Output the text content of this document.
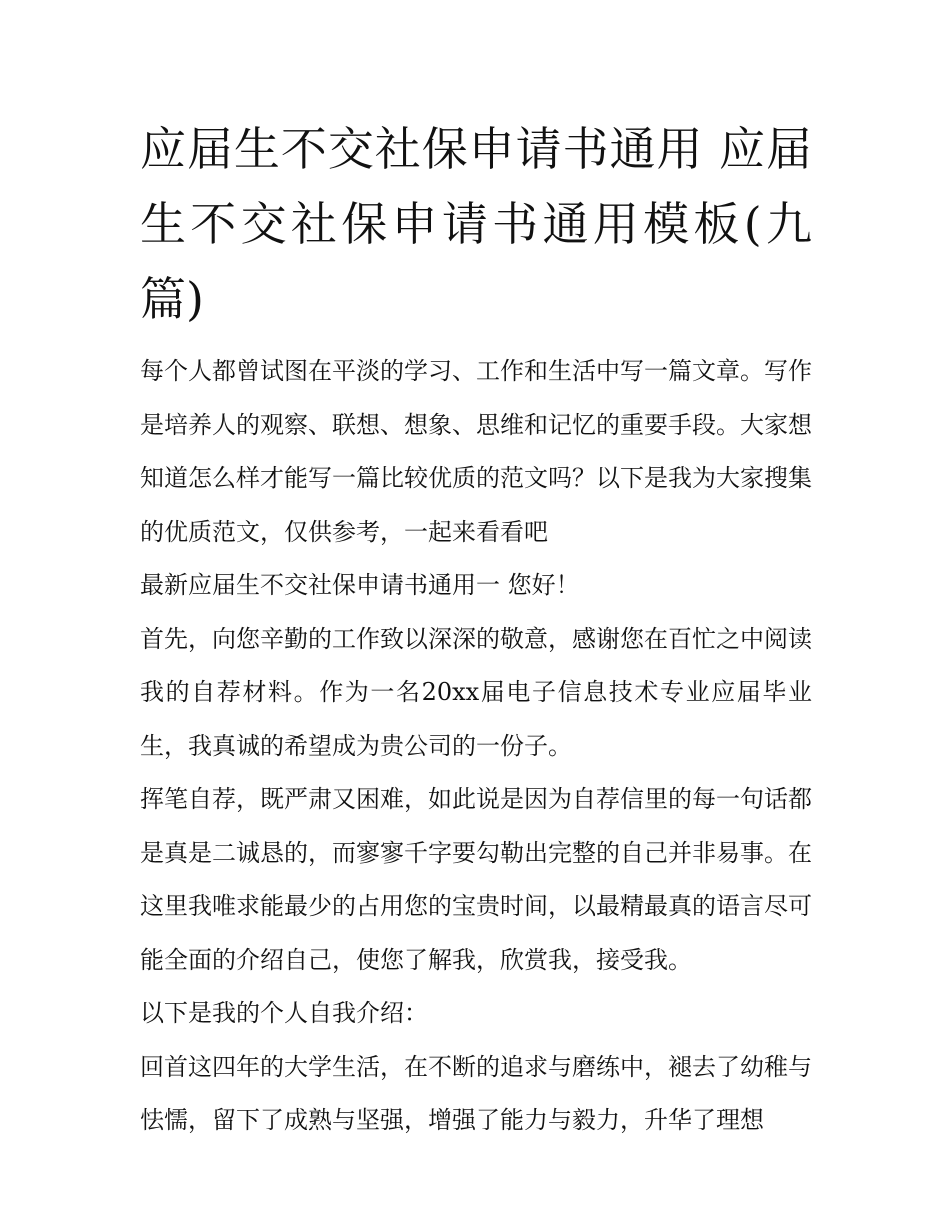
应届生不交社保申请书通用 应届生不交社保申请书通用模板(九篇)

每个人都曾试图在平淡的学习、工作和生活中写一篇文章。写作是培养人的观察、联想、想象、思维和记忆的重要手段。大家想知道怎么样才能写一篇比较优质的范文吗？以下是我为大家搜集的优质范文，仅供参考，一起来看看吧

最新应届生不交社保申请书通用一 您好！

首先，向您辛勤的工作致以深深的敬意，感谢您在百忙之中阅读我的自荐材料。作为一名20xx届电子信息技术专业应届毕业生，我真诚的希望成为贵公司的一份子。

挥笔自荐，既严肃又困难，如此说是因为自荐信里的每一句话都是真是二诚恳的，而寥寥千字要勾勒出完整的自己并非易事。在这里我唯求能最少的占用您的宝贵时间，以最精最真的语言尽可能全面的介绍自己，使您了解我，欣赏我，接受我。

以下是我的个人自我介绍：

回首这四年的大学生活，在不断的追求与磨练中，褪去了幼稚与怯懦，留下了成熟与坚强，增强了能力与毅力，升华了理想
